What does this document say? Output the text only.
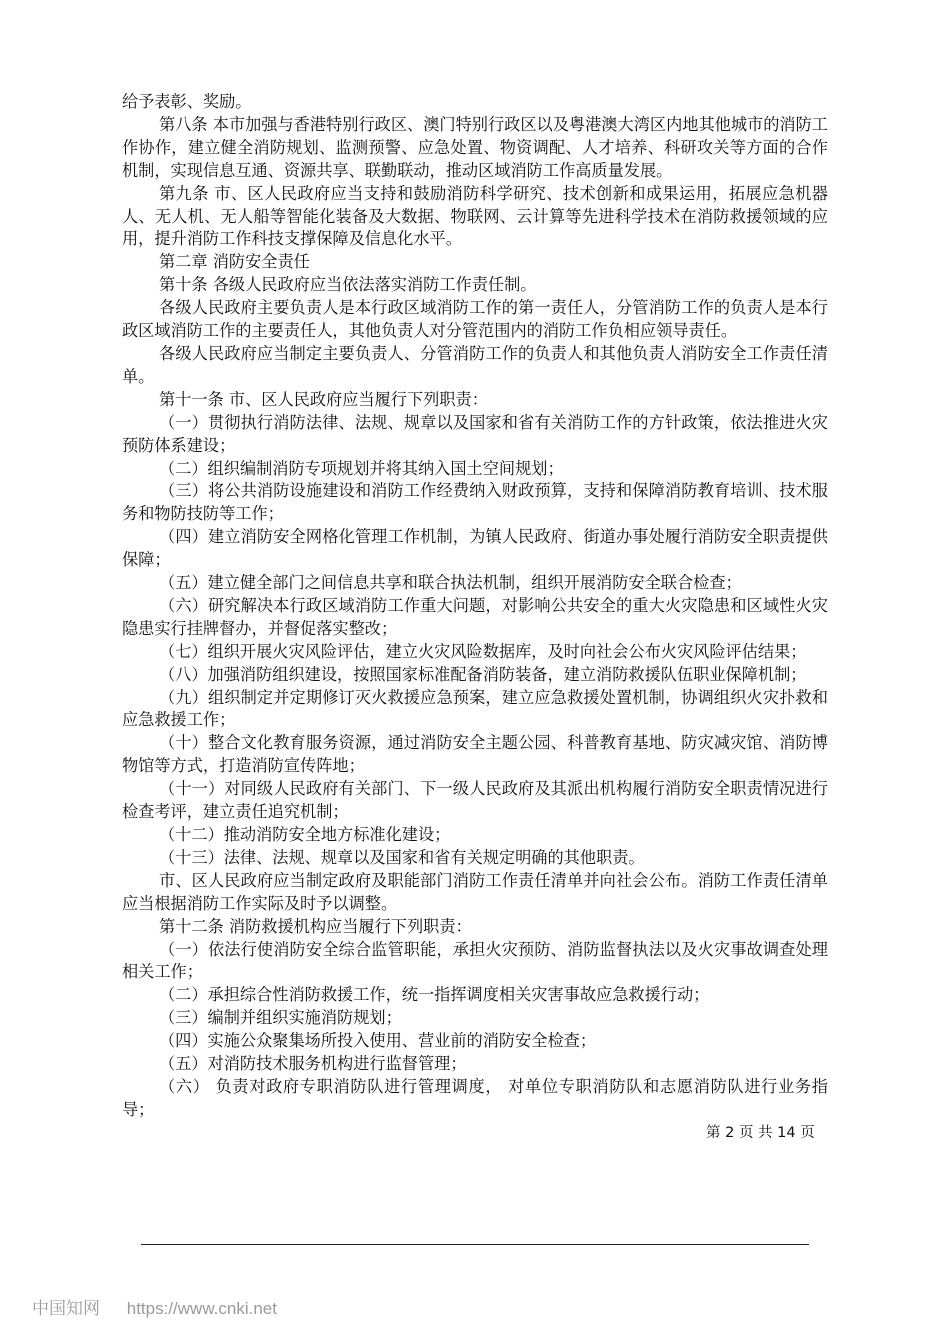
给予表彰、奖励。

第八条 本市加强与香港特别行政区、澳门特别行政区以及粤港澳大湾区内地其他城市的消防工作协作，建立健全消防规划、监测预警、应急处置、物资调配、人才培养、科研攻关等方面的合作机制，实现信息互通、资源共享、联勤联动，推动区域消防工作高质量发展。

第九条 市、区人民政府应当支持和鼓励消防科学研究、技术创新和成果运用，拓展应急机器人、无人机、无人船等智能化装备及大数据、物联网、云计算等先进科学技术在消防救援领域的应用，提升消防工作科技支撑保障及信息化水平。

第二章 消防安全责任

第十条 各级人民政府应当依法落实消防工作责任制。

各级人民政府主要负责人是本行政区域消防工作的第一责任人，分管消防工作的负责人是本行政区域消防工作的主要责任人，其他负责人对分管范围内的消防工作负相应领导责任。

各级人民政府应当制定主要负责人、分管消防工作的负责人和其他负责人消防安全工作责任清单。

第十一条 市、区人民政府应当履行下列职责：

（一）贯彻执行消防法律、法规、规章以及国家和省有关消防工作的方针政策，依法推进火灾预防体系建设；

（二）组织编制消防专项规划并将其纳入国土空间规划；

（三）将公共消防设施建设和消防工作经费纳入财政预算，支持和保障消防教育培训、技术服务和物防技防等工作；

（四）建立消防安全网格化管理工作机制，为镇人民政府、街道办事处履行消防安全职责提供保障；

（五）建立健全部门之间信息共享和联合执法机制，组织开展消防安全联合检查；

（六）研究解决本行政区域消防工作重大问题，对影响公共安全的重大火灾隐患和区域性火灾隐患实行挂牌督办，并督促落实整改；

（七）组织开展火灾风险评估，建立火灾风险数据库，及时向社会公布火灾风险评估结果；

（八）加强消防组织建设，按照国家标准配备消防装备，建立消防救援队伍职业保障机制；

（九）组织制定并定期修订灭火救援应急预案，建立应急救援处置机制，协调组织火灾扑救和应急救援工作；

（十）整合文化教育服务资源，通过消防安全主题公园、科普教育基地、防灾减灾馆、消防博物馆等方式，打造消防宣传阵地；

（十一）对同级人民政府有关部门、下一级人民政府及其派出机构履行消防安全职责情况进行检查考评，建立责任追究机制；

（十二）推动消防安全地方标准化建设；

（十三）法律、法规、规章以及国家和省有关规定明确的其他职责。

市、区人民政府应当制定政府及职能部门消防工作责任清单并向社会公布。消防工作责任清单应当根据消防工作实际及时予以调整。

第十二条 消防救援机构应当履行下列职责：

（一）依法行使消防安全综合监管职能，承担火灾预防、消防监督执法以及火灾事故调查处理相关工作；

（二）承担综合性消防救援工作，统一指挥调度相关灾害事故应急救援行动；

（三）编制并组织实施消防规划；

（四）实施公众聚集场所投入使用、营业前的消防安全检查；

（五）对消防技术服务机构进行监督管理；

（六） 负责对政府专职消防队进行管理调度， 对单位专职消防队和志愿消防队进行业务指导；

第 2 页 共 14 页
中国知网 https://www.cnki.net
